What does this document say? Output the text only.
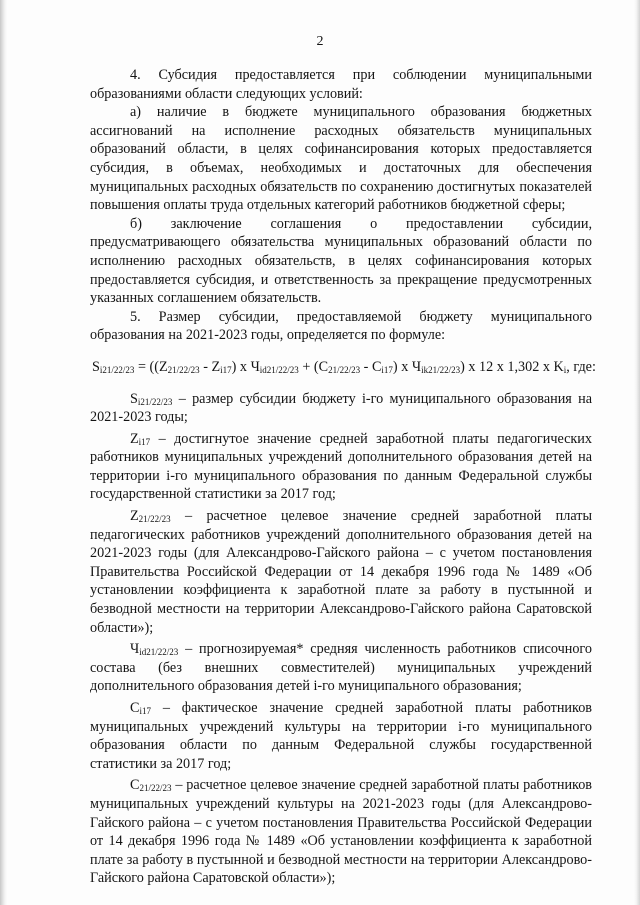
2

4. Субсидия предоставляется при соблюдении муниципальными образованиями области следующих условий:

а) наличие в бюджете муниципального образования бюджетных ассигнований на исполнение расходных обязательств муниципальных образований области, в целях софинансирования которых предоставляется субсидия, в объемах, необходимых и достаточных для обеспечения муниципальных расходных обязательств по сохранению достигнутых показателей повышения оплаты труда отдельных категорий работников бюджетной сферы;

б) заключение соглашения о предоставлении субсидии, предусматривающего обязательства муниципальных образований области по исполнению расходных обязательств, в целях софинансирования которых предоставляется субсидия, и ответственность за прекращение предусмотренных указанных соглашением обязательств.

5. Размер субсидии, предоставляемой бюджету муниципального образования на 2021-2023 годы, определяется по формуле:

$S_{i21/22/23} = ((Z_{21/22/23} - Z_{i17})$ x $Ч_{id21/22/23} + (C_{21/22/23} - C_{i17})$ x $Ч_{ik21/22/23}$) x 12 x 1,302 x $K_i$, где:

$S_{i21/22/23}$ – размер субсидии бюджету i-го муниципального образования на 2021-2023 годы;

$Z_{i17}$ – достигнутое значение средней заработной платы педагогических работников муниципальных учреждений дополнительного образования детей на территории i-го муниципального образования по данным Федеральной службы государственной статистики за 2017 год;

$Z_{21/22/23}$ – расчетное целевое значение средней заработной платы педагогических работников учреждений дополнительного образования детей на 2021-2023 годы (для Александрово-Гайского района – с учетом постановления Правительства Российской Федерации от 14 декабря 1996 года № 1489 «Об установлении коэффициента к заработной плате за работу в пустынной и безводной местности на территории Александрово-Гайского района Саратовской области»);

$Ч_{id21/22/23}$ – прогнозируемая* средняя численность работников списочного состава (без внешних совместителей) муниципальных учреждений дополнительного образования детей i-го муниципального образования;

$C_{i17}$ – фактическое значение средней заработной платы работников муниципальных учреждений культуры на территории i-го муниципального образования области по данным Федеральной службы государственной статистики за 2017 год;

$C_{21/22/23}$ – расчетное целевое значение средней заработной платы работников муниципальных учреждений культуры на 2021-2023 годы (для Александрово-Гайского района – с учетом постановления Правительства Российской Федерации от 14 декабря 1996 года № 1489 «Об установлении коэффициента к заработной плате за работу в пустынной и безводной местности на территории Александрово-Гайского района Саратовской области»);
